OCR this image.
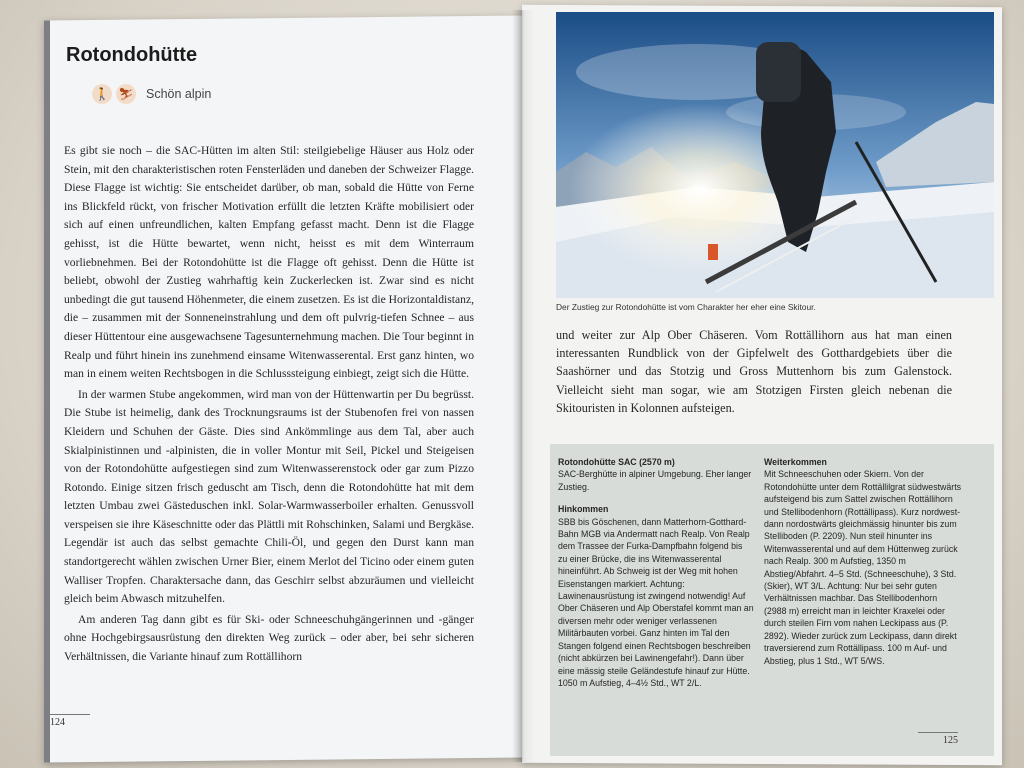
Rotondohütte
🚶 ⛷ Schön alpin

Es gibt sie noch – die SAC-Hütten im alten Stil: steilgiebelige Häuser aus Holz oder Stein, mit den charakteristischen roten Fensterläden und daneben der Schweizer Flagge. Diese Flagge ist wichtig: Sie entscheidet darüber, ob man, sobald die Hütte von Ferne ins Blickfeld rückt, von frischer Motivation erfüllt die letzten Kräfte mobilisiert oder sich auf einen unfreundlichen, kalten Empfang gefasst macht. Denn ist die Flagge gehisst, ist die Hütte bewartet, wenn nicht, heisst es mit dem Winterraum vorliebnehmen. Bei der Rotondohütte ist die Flagge oft gehisst. Denn die Hütte ist beliebt, obwohl der Zustieg wahrhaftig kein Zuckerlecken ist. Zwar sind es nicht unbedingt die gut tausend Höhenmeter, die einem zusetzen. Es ist die Horizontaldistanz, die – zusammen mit der Sonneneinstrahlung und dem oft pulvrig-tiefen Schnee – aus dieser Hüttentour eine ausgewachsene Tagesunternehmung machen. Die Tour beginnt in Realp und führt hinein ins zunehmend einsame Witenwasserental. Erst ganz hinten, wo man in einem weiten Rechtsbogen in die Schlusssteigung einbiegt, zeigt sich die Hütte.

In der warmen Stube angekommen, wird man von der Hüttenwartin per Du begrüsst. Die Stube ist heimelig, dank des Trocknungsraums ist der Stubenofen frei von nassen Kleidern und Schuhen der Gäste. Dies sind Ankömmlinge aus dem Tal, aber auch Skialpinistinnen und -alpinisten, die in voller Montur mit Seil, Pickel und Steigeisen von der Rotondohütte aufgestiegen sind zum Witenwasserenstock oder gar zum Pizzo Rotondo. Einige sitzen frisch geduscht am Tisch, denn die Rotondohütte hat mit dem letzten Umbau zwei Gästeduschen inkl. Solar-Warmwasserboiler erhalten. Genussvoll verspeisen sie ihre Käseschnitte oder das Plättli mit Rohschinken, Salami und Bergkäse. Legendär ist auch das selbst gemachte Chili-Öl, und gegen den Durst kann man standortgerecht wählen zwischen Urner Bier, einem Merlot del Ticino oder einem guten Walliser Tropfen. Charaktersache dann, das Geschirr selbst abzuräumen und vielleicht gleich beim Abwasch mitzuhelfen.

Am anderen Tag dann gibt es für Ski- oder Schneeschuhgängerinnen und -gänger ohne Hochgebirgsausrüstung den direkten Weg zurück – oder aber, bei sehr sicheren Verhältnissen, die Variante hinauf zum Rottällihorn

124
Der Zustieg zur Rotondohütte ist vom Charakter her eher eine Skitour.
und weiter zur Alp Ober Chäseren. Vom Rottällihorn aus hat man einen interessanten Rundblick von der Gipfelwelt des Gotthardgebiets über die Saashörner und das Stotzig und Gross Muttenhorn bis zum Galenstock. Vielleicht sieht man sogar, wie am Stotzigen Firsten gleich nebenan die Skitouristen in Kolonnen aufsteigen.
Rotondohütte SAC (2570 m)
SAC-Berghütte in alpiner Umgebung. Eher langer Zustieg.
Hinkommen
SBB bis Göschenen, dann Matterhorn-Gotthard-Bahn MGB via Andermatt nach Realp. Von Realp dem Trassee der Furka-Dampfbahn folgend bis zu einer Brücke, die ins Witenwasserental hineinführt. Ab Schweig ist der Weg mit hohen Eisenstangen markiert. Achtung: Lawinenausrüstung ist zwingend notwendig! Auf Ober Chäseren und Alp Oberstafel kommt man an diversen mehr oder weniger verlassenen Militärbauten vorbei. Ganz hinten im Tal den Stangen folgend einen Rechtsbogen beschreiben (nicht abkürzen bei Lawinengefahr!). Dann über eine mässig steile Geländestufe hinauf zur Hütte. 1050 m Aufstieg, 4–4½ Std., WT 2/L.
Weiterkommen
Mit Schneeschuhen oder Skiern. Von der Rotondohütte unter dem Rottällilgrat südwestwärts aufsteigend bis zum Sattel zwischen Rottällihorn und Stellibodenhorn (Rottällipass). Kurz nordwest- dann nordostwärts gleichmässig hinunter bis zum Stelliboden (P. 2209). Nun steil hinunter ins Witenwasserental und auf dem Hüttenweg zurück nach Realp. 300 m Aufstieg, 1350 m Abstieg/Abfahrt. 4–5 Std. (Schneeschuhe), 3 Std. (Skier), WT 3/L. Achtung: Nur bei sehr guten Verhältnissen machbar. Das Stellibodenhorn (2988 m) erreicht man in leichter Kraxelei oder durch steilen Firn vom nahen Leckipass aus (P. 2892). Wieder zurück zum Leckipass, dann direkt traversierend zum Rottällipass. 100 m Auf- und Abstieg, plus 1 Std., WT 5/WS.
125
